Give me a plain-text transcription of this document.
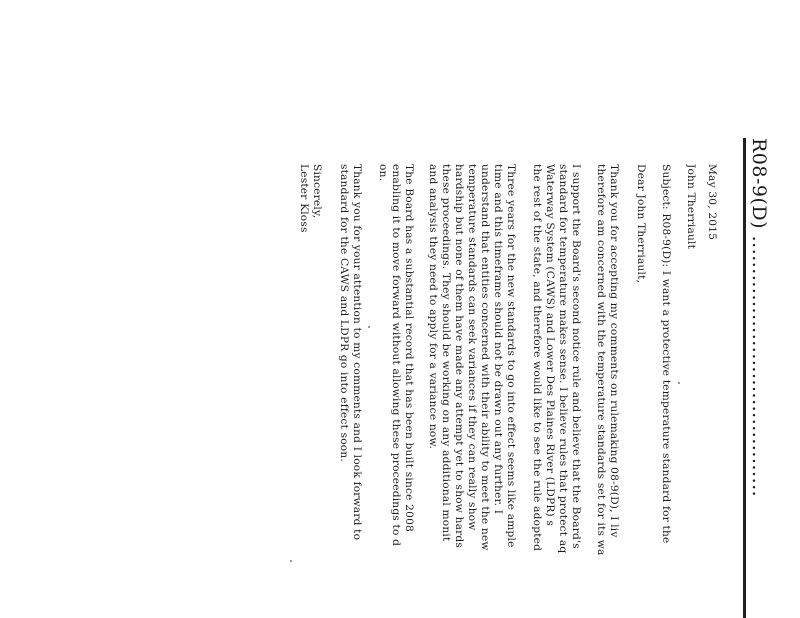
R08-9(D) ........................................
May 30, 2015
John Therriault
Subject: R08-9(D): I want a protective temperature standard for the
Dear John Therriault,
Thank you for accepting my comments on rulemaking 08-9(D), I liv
therefore am concerned with the temperature standards set for its wa
I support the Board's second notice rule and believe that the Board's
standard for temperature makes sense. I believe rules that protect aq
Waterway System (CAWS) and Lower Des Plaines River (LDPR) s
the rest of the state, and therefore would like to see the rule adopted
Three years for the new standards to go into effect seems like ample
time and this timeframe should not be drawn out any further. I
understand that entities concerned with their ability to meet the new
temperature standards can seek variances if they can really show
hardship but none of them have made any attempt yet to show hards
these proceedings. They should be working on any additional monit
and analysis they need to apply for a variance now.
The Board has a substantial record that has been built since 2008
enabling it to move forward without allowing these proceedings to d
on.
Thank you for your attention to my comments and I look forward to
standard for the CAWS and LDPR go into effect soon.
Sincerely,
Lester Kloss
